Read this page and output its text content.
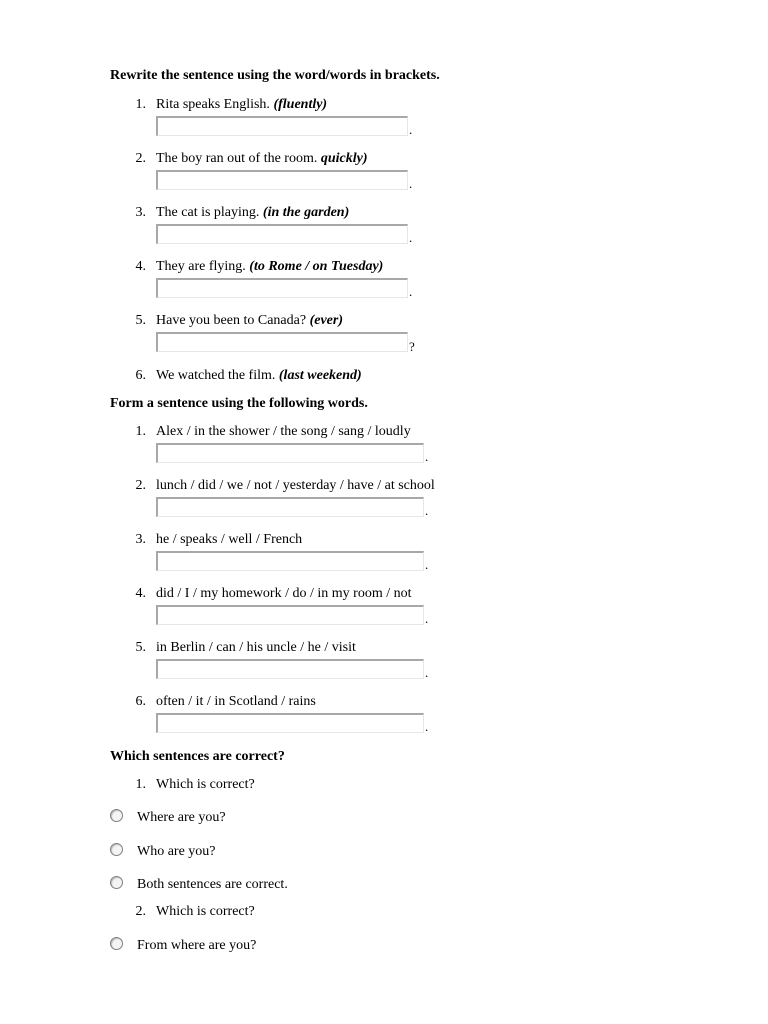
Rewrite the sentence using the word/words in brackets.
1. Rita speaks English. (fluently)
.
2. The boy ran out of the room. quickly)
.
3. The cat is playing. (in the garden)
.
4. They are flying. (to Rome / on Tuesday)
.
5. Have you been to Canada? (ever)
?
6. We watched the film. (last weekend)
Form a sentence using the following words.
1. Alex / in the shower / the song / sang / loudly
.
2. lunch / did / we / not / yesterday / have / at school
.
3. he / speaks / well / French
.
4. did / I / my homework / do / in my room / not
.
5. in Berlin / can / his uncle / he / visit
.
6. often / it / in Scotland / rains
.
Which sentences are correct?
1. Which is correct?
Where are you?
Who are you?
Both sentences are correct.
2. Which is correct?
From where are you?
